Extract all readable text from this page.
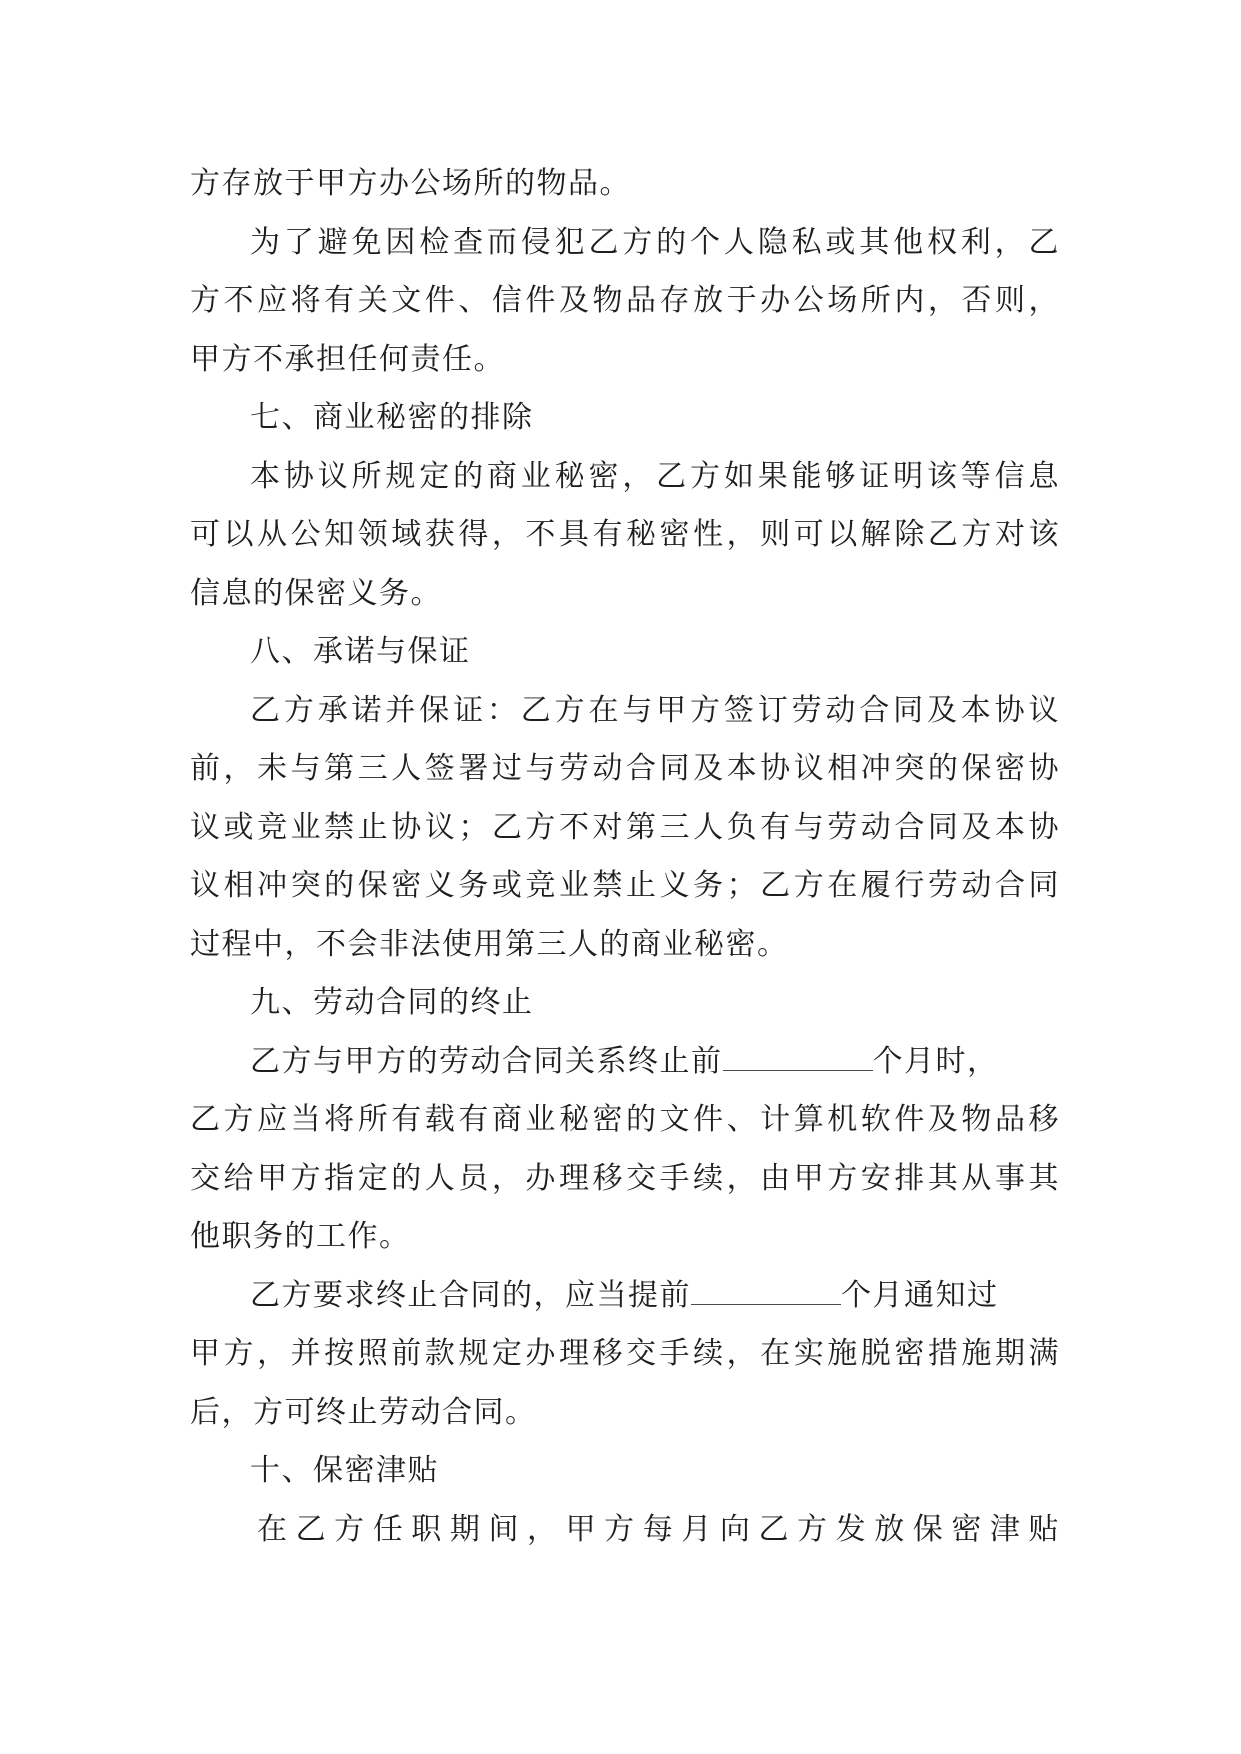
方存放于甲方办公场所的物品。
为了避免因检查而侵犯乙方的个人隐私或其他权利，乙
方不应将有关文件、信件及物品存放于办公场所内，否则，
甲方不承担任何责任。
七、商业秘密的排除
本协议所规定的商业秘密，乙方如果能够证明该等信息
可以从公知领域获得，不具有秘密性，则可以解除乙方对该
信息的保密义务。
八、承诺与保证
乙方承诺并保证：乙方在与甲方签订劳动合同及本协议
前，未与第三人签署过与劳动合同及本协议相冲突的保密协
议或竞业禁止协议；乙方不对第三人负有与劳动合同及本协
议相冲突的保密义务或竞业禁止义务；乙方在履行劳动合同
过程中，不会非法使用第三人的商业秘密。
九、劳动合同的终止
乙方与甲方的劳动合同关系终止前	个月时，
乙方应当将所有载有商业秘密的文件、计算机软件及物品移
交给甲方指定的人员，办理移交手续，由甲方安排其从事其
他职务的工作。
乙方要求终止合同的，应当提前	个月通知过
甲方，并按照前款规定办理移交手续，在实施脱密措施期满
后，方可终止劳动合同。
十、保密津贴
在乙方任职期间，甲方每月向乙方发放保密津贴
